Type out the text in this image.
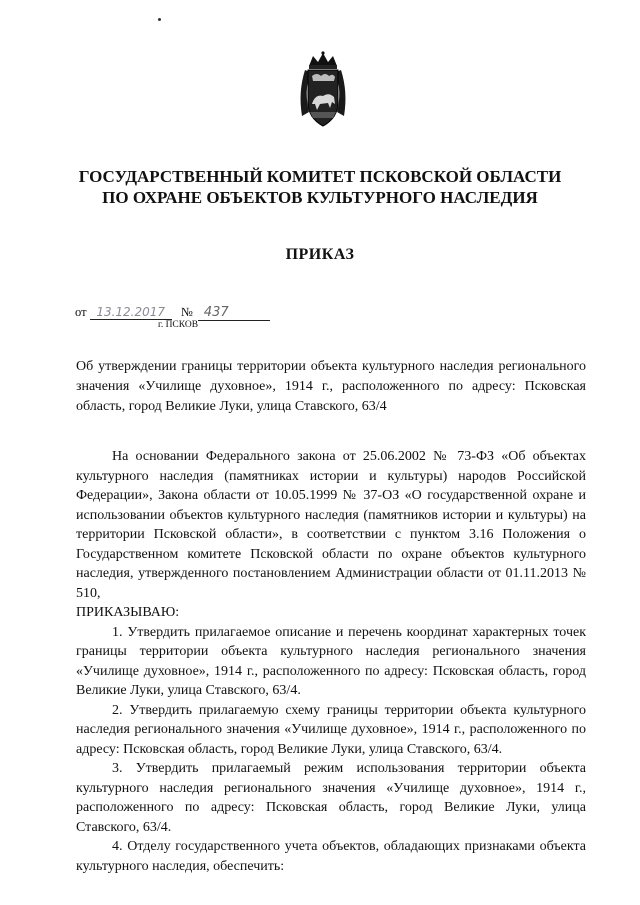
ГОСУДАРСТВЕННЫЙ КОМИТЕТ ПСКОВСКОЙ ОБЛАСТИ
ПО ОХРАНЕ ОБЪЕКТОВ КУЛЬТУРНОГО НАСЛЕДИЯ
ПРИКАЗ
от 13.12.2017 № 437
г. ПСКОВ
Об утверждении границы территории объекта культурного наследия регионального значения «Училище духовное», 1914 г., расположенного по адресу: Псковская область, город Великие Луки, улица Ставского, 63/4

На основании Федерального закона от 25.06.2002 № 73-ФЗ «Об объектах культурного наследия (памятниках истории и культуры) народов Российской Федерации», Закона области от 10.05.1999 № 37-ОЗ «О государственной охране и использовании объектов культурного наследия (памятников истории и культуры) на территории Псковской области», в соответствии с пунктом 3.16 Положения о Государственном комитете Псковской области по охране объектов культурного наследия, утвержденного постановлением Администрации области от 01.11.2013 № 510,

ПРИКАЗЫВАЮ:

1. Утвердить прилагаемое описание и перечень координат характерных точек границы территории объекта культурного наследия регионального значения «Училище духовное», 1914 г., расположенного по адресу: Псковская область, город Великие Луки, улица Ставского, 63/4.

2. Утвердить прилагаемую схему границы территории объекта культурного наследия регионального значения «Училище духовное», 1914 г., расположенного по адресу: Псковская область, город Великие Луки, улица Ставского, 63/4.

3. Утвердить прилагаемый режим использования территории объекта культурного наследия регионального значения «Училище духовное», 1914 г., расположенного по адресу: Псковская область, город Великие Луки, улица Ставского, 63/4.

4. Отделу государственного учета объектов, обладающих признаками объекта культурного наследия, обеспечить:
